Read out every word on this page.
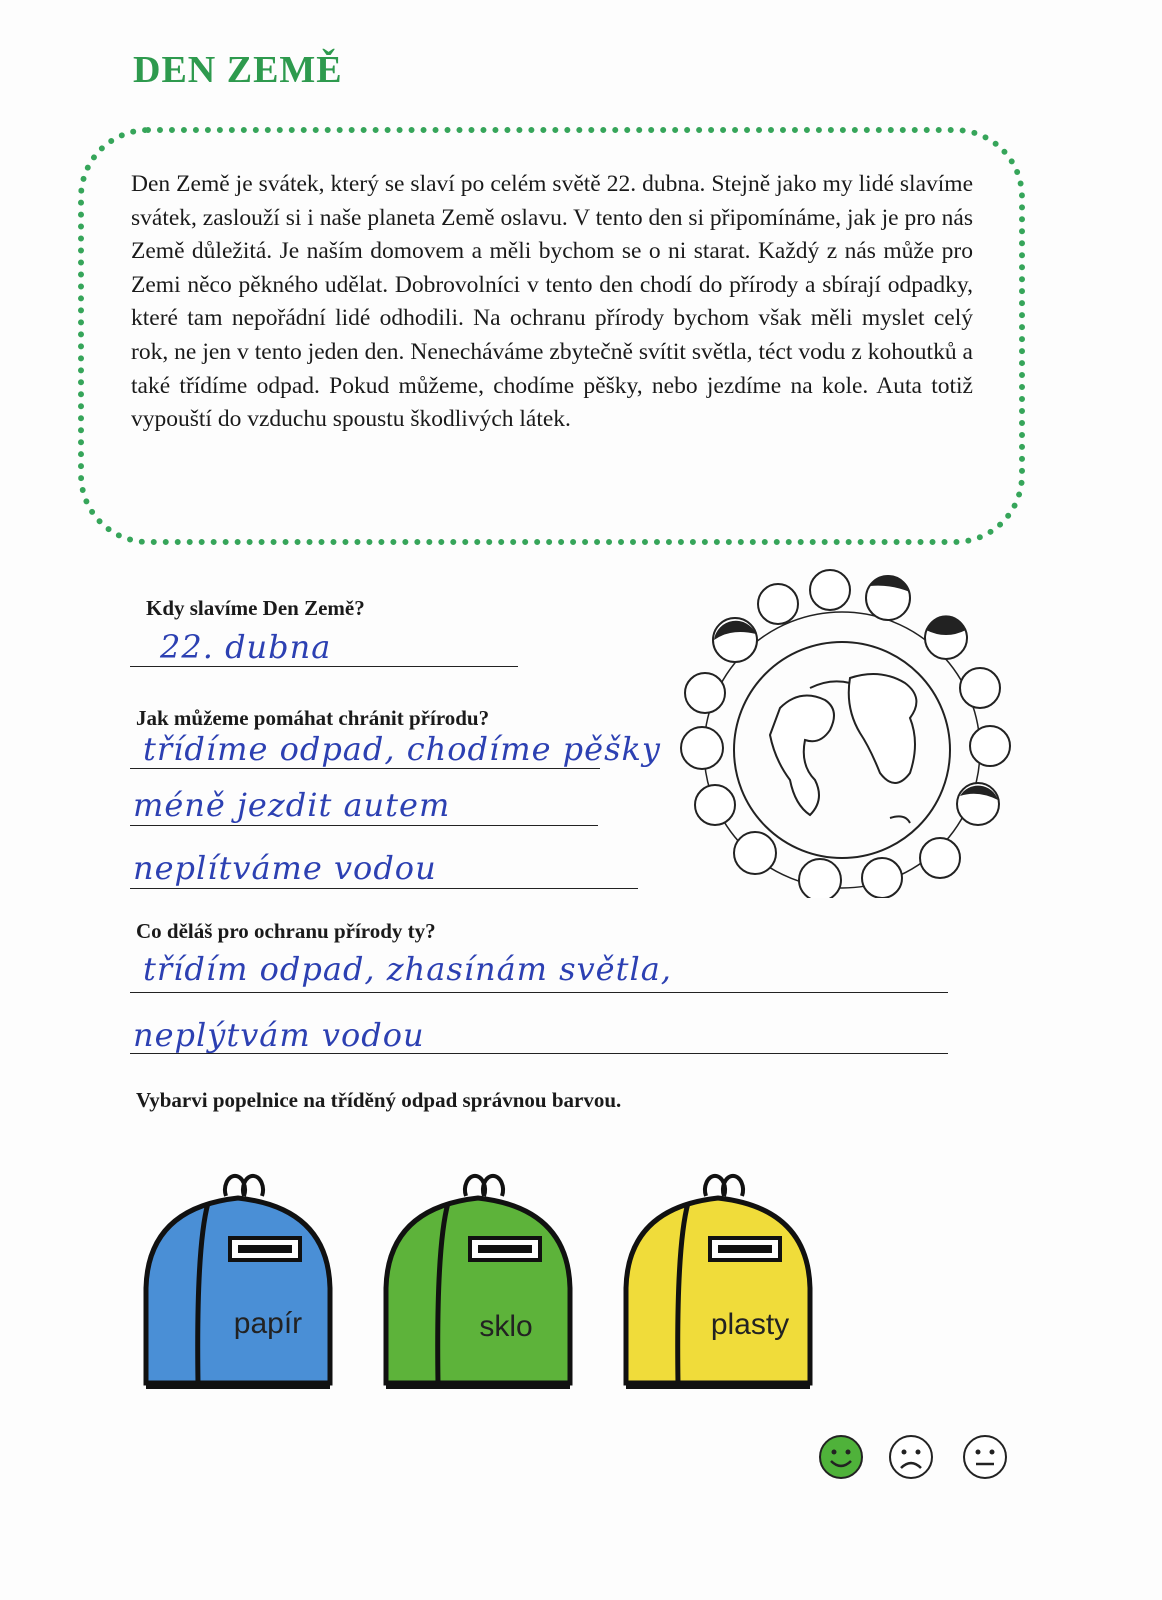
DEN ZEMĚ

Den Země je svátek, který se slaví po celém světě 22. dubna. Stejně jako my lidé slavíme svátek, zaslouží si i naše planeta Země oslavu. V tento den si připomínáme, jak je pro nás Země důležitá. Je naším domovem a měli bychom se o ni starat. Každý z nás může pro Zemi něco pěkného udělat. Dobrovolníci v tento den chodí do přírody a sbírají odpadky, které tam nepořádní lidé odhodili. Na ochranu přírody bychom však měli myslet celý rok, ne jen v tento jeden den. Nenecháváme zbytečně svítit světla, téct vodu z kohoutků a také třídíme odpad. Pokud můžeme, chodíme pěšky, nebo jezdíme na kole. Auta totiž vypouští do vzduchu spoustu škodlivých látek.

Kdy slavíme Den Země?
22. dubna
Jak můžeme pomáhat chránit přírodu?
třídíme odpad, chodíme pěšky
méně jezdit autem
neplítváme vodou
Co děláš pro ochranu přírody ty?
třídím odpad, zhasínám světla,
neplýtvám vodou
Vybarvi popelnice na tříděný odpad správnou barvou.
papír	sklo	plasty
